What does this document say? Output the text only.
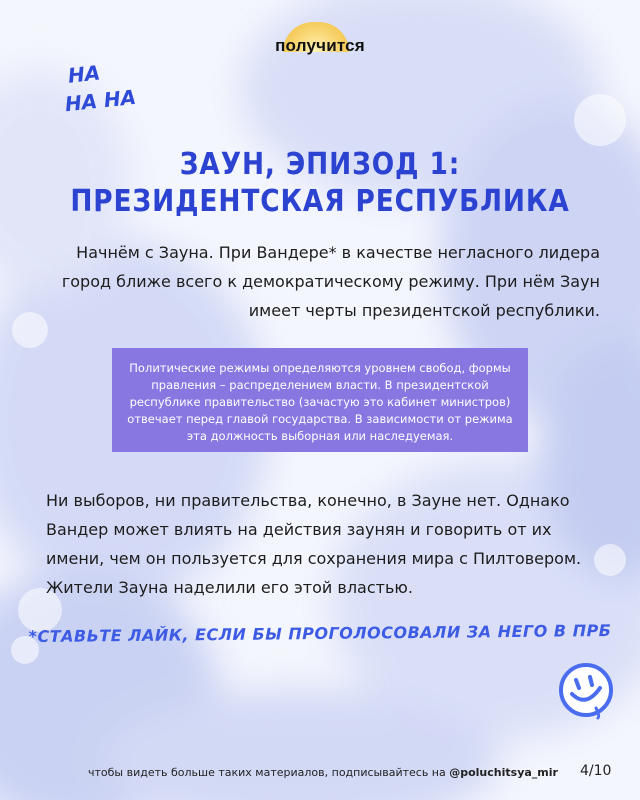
получится
НА
НА НА
ЗАУН, ЭПИЗОД 1:
ПРЕЗИДЕНТСКАЯ РЕСПУБЛИКА
Начнём с Зауна. При Вандере* в качестве негласного лидера город ближе всего к демократическому режиму. При нём Заун имеет черты президентской республики.
Политические режимы определяются уровнем свобод, формы правления – распределением власти. В президентской республике правительство (зачастую это кабинет министров) отвечает перед главой государства. В зависимости от режима эта должность выборная или наследуемая.
Ни выборов, ни правительства, конечно, в Зауне нет. Однако Вандер может влиять на действия заунян и говорить от их имени, чем он пользуется для сохранения мира с Пилтовером. Жители Зауна наделили его этой властью.
*СТАВЬТЕ ЛАЙК, ЕСЛИ БЫ ПРОГОЛОСОВАЛИ ЗА НЕГО В ПРБ
чтобы видеть больше таких материалов, подписывайтесь на @poluchitsya_mir 4/10
